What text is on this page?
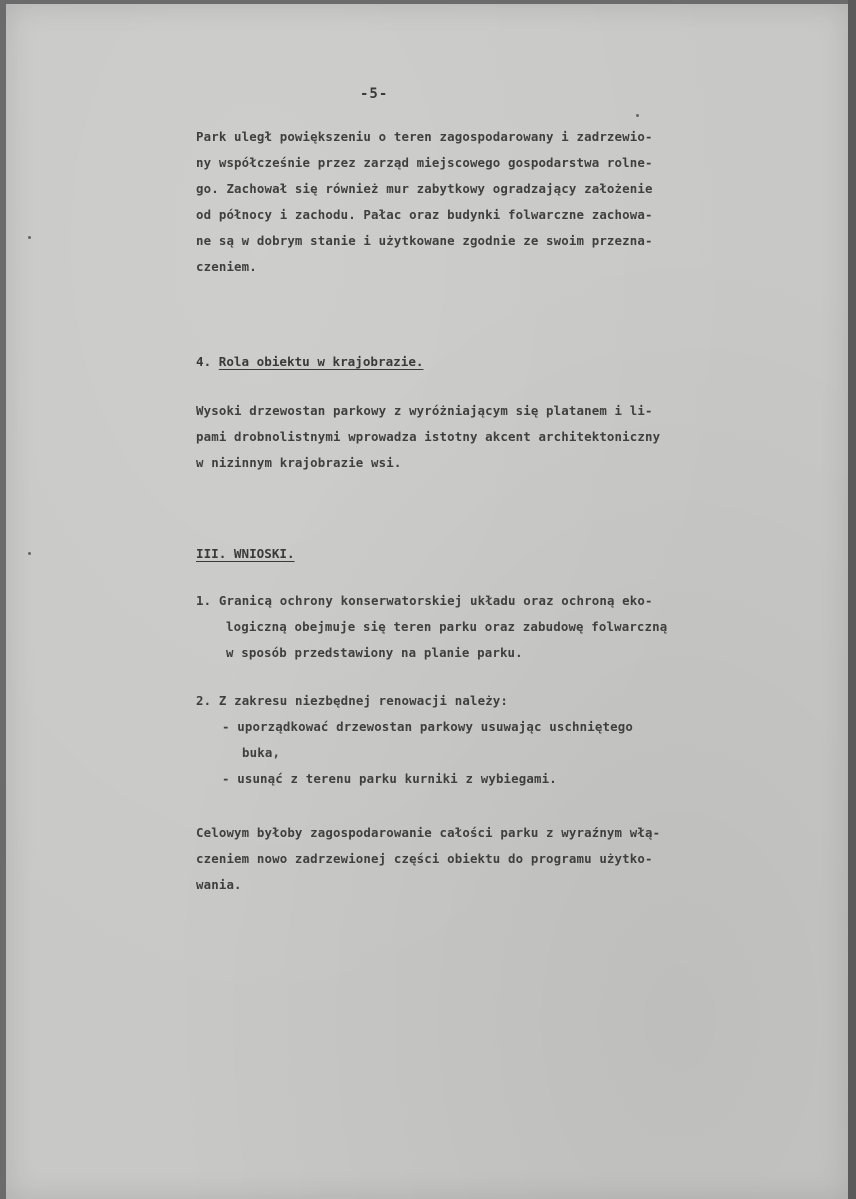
-5-
Park uległ powiększeniu o teren zagospodarowany i zadrzewio-
ny współcześnie przez zarząd miejscowego gospodarstwa rolne-
go. Zachował się również mur zabytkowy ogradzający założenie
od północy i zachodu. Pałac oraz budynki folwarczne zachowa-
ne są w dobrym stanie i użytkowane zgodnie ze swoim przezna-
czeniem.
4. Rola obiektu w krajobrazie.
Wysoki drzewostan parkowy z wyróżniającym się platanem i li-
pami drobnolistnymi wprowadza istotny akcent architektoniczny
w nizinnym krajobrazie wsi.
III. WNIOSKI.
1. Granicą ochrony konserwatorskiej układu oraz ochroną eko-
logiczną obejmuje się teren parku oraz zabudowę folwarczną
w sposób przedstawiony na planie parku.
2. Z zakresu niezbędnej renowacji należy:
- uporządkować drzewostan parkowy usuwając uschniętego
buka,
- usunąć z terenu parku kurniki z wybiegami.
Celowym byłoby zagospodarowanie całości parku z wyraźnym włą-
czeniem nowo zadrzewionej części obiektu do programu użytko-
wania.
